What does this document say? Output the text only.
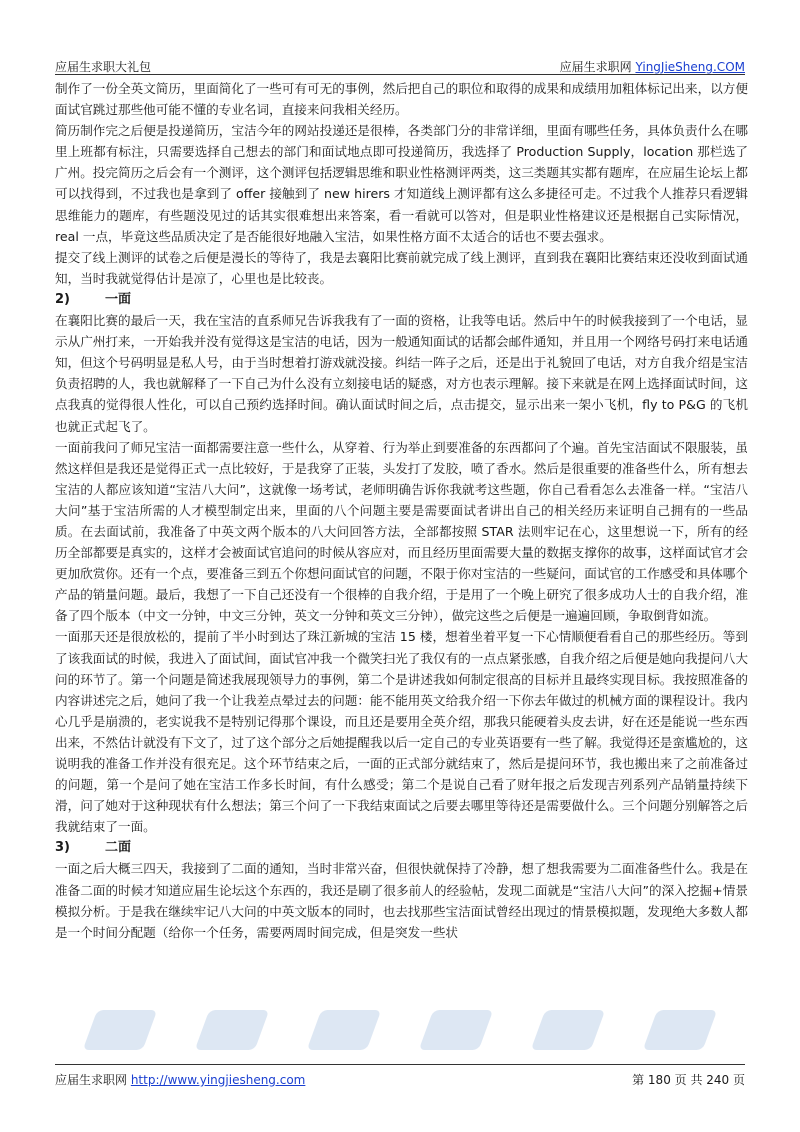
应届生求职大礼包	应届生求职网 YingJieSheng.COM

制作了一份全英文简历，里面简化了一些可有可无的事例，然后把自己的职位和取得的成果和成绩用加粗体标记出来，以方便面试官跳过那些他可能不懂的专业名词，直接来问我相关经历。

简历制作完之后便是投递简历，宝洁今年的网站投递还是很棒，各类部门分的非常详细，里面有哪些任务，具体负责什么在哪里上班都有标注，只需要选择自己想去的部门和面试地点即可投递简历，我选择了 Production Supply，location 那栏选了广州。投完简历之后会有一个测评，这个测评包括逻辑思维和职业性格测评两类，这三类题其实都有题库，在应届生论坛上都可以找得到，不过我也是拿到了 offer 接触到了 new hirers 才知道线上测评都有这么多捷径可走。不过我个人推荐只看逻辑思维能力的题库，有些题没见过的话其实很难想出来答案，看一看就可以答对，但是职业性格建议还是根据自己实际情况，real 一点，毕竟这些品质决定了是否能很好地融入宝洁，如果性格方面不太适合的话也不要去强求。

提交了线上测评的试卷之后便是漫长的等待了，我是去襄阳比赛前就完成了线上测评，直到我在襄阳比赛结束还没收到面试通知，当时我就觉得估计是凉了，心里也是比较丧。

2)	一面

在襄阳比赛的最后一天，我在宝洁的直系师兄告诉我我有了一面的资格，让我等电话。然后中午的时候我接到了一个电话，显示从广州打来，一开始我并没有觉得这是宝洁的电话，因为一般通知面试的话都会邮件通知，并且用一个网络号码打来电话通知，但这个号码明显是私人号，由于当时想着打游戏就没接。纠结一阵子之后，还是出于礼貌回了电话，对方自我介绍是宝洁负责招聘的人，我也就解释了一下自己为什么没有立刻接电话的疑惑，对方也表示理解。接下来就是在网上选择面试时间，这点我真的觉得很人性化，可以自己预约选择时间。确认面试时间之后，点击提交，显示出来一架小飞机，fly to P&G 的飞机也就正式起飞了。

一面前我问了师兄宝洁一面都需要注意一些什么，从穿着、行为举止到要准备的东西都问了个遍。首先宝洁面试不限服装，虽然这样但是我还是觉得正式一点比较好，于是我穿了正装，头发打了发胶，喷了香水。然后是很重要的准备些什么，所有想去宝洁的人都应该知道“宝洁八大问”，这就像一场考试，老师明确告诉你我就考这些题，你自己看看怎么去准备一样。“宝洁八大问”基于宝洁所需的人才模型制定出来，里面的八个问题主要是需要面试者讲出自己的相关经历来证明自己拥有的一些品质。在去面试前，我准备了中英文两个版本的八大问回答方法，全部都按照 STAR 法则牢记在心，这里想说一下，所有的经历全部都要是真实的，这样才会被面试官追问的时候从容应对，而且经历里面需要大量的数据支撑你的故事，这样面试官才会更加欣赏你。还有一个点，要准备三到五个你想问面试官的问题，不限于你对宝洁的一些疑问，面试官的工作感受和具体哪个产品的销量问题。最后，我想了一下自己还没有一个很棒的自我介绍，于是用了一个晚上研究了很多成功人士的自我介绍，准备了四个版本（中文一分钟，中文三分钟，英文一分钟和英文三分钟），做完这些之后便是一遍遍回顾，争取倒背如流。

一面那天还是很放松的，提前了半小时到达了珠江新城的宝洁 15 楼，想着坐着平复一下心情顺便看看自己的那些经历。等到了该我面试的时候，我进入了面试间，面试官冲我一个微笑扫光了我仅有的一点点紧张感，自我介绍之后便是她向我提问八大问的环节了。第一个问题是简述我展现领导力的事例，第二个是讲述我如何制定很高的目标并且最终实现目标。我按照准备的内容讲述完之后，她问了我一个让我差点晕过去的问题：能不能用英文给我介绍一下你去年做过的机械方面的课程设计。我内心几乎是崩溃的，老实说我不是特别记得那个课设，而且还是要用全英介绍，那我只能硬着头皮去讲，好在还是能说一些东西出来，不然估计就没有下文了，过了这个部分之后她提醒我以后一定自己的专业英语要有一些了解。我觉得还是蛮尴尬的，这说明我的准备工作并没有很充足。这个环节结束之后，一面的正式部分就结束了，然后是提问环节，我也搬出来了之前准备过的问题，第一个是问了她在宝洁工作多长时间，有什么感受；第二个是说自己看了财年报之后发现吉列系列产品销量持续下滑，问了她对于这种现状有什么想法；第三个问了一下我结束面试之后要去哪里等待还是需要做什么。三个问题分别解答之后我就结束了一面。

3)	二面

一面之后大概三四天，我接到了二面的通知，当时非常兴奋，但很快就保持了冷静，想了想我需要为二面准备些什么。我是在准备二面的时候才知道应届生论坛这个东西的，我还是刷了很多前人的经验帖，发现二面就是“宝洁八大问”的深入挖掘+情景模拟分析。于是我在继续牢记八大问的中英文版本的同时，也去找那些宝洁面试曾经出现过的情景模拟题，发现绝大多数人都是一个时间分配题（给你一个任务，需要两周时间完成，但是突发一些状

应届生求职网 http://www.yingjiesheng.com	第 180 页 共 240 页
